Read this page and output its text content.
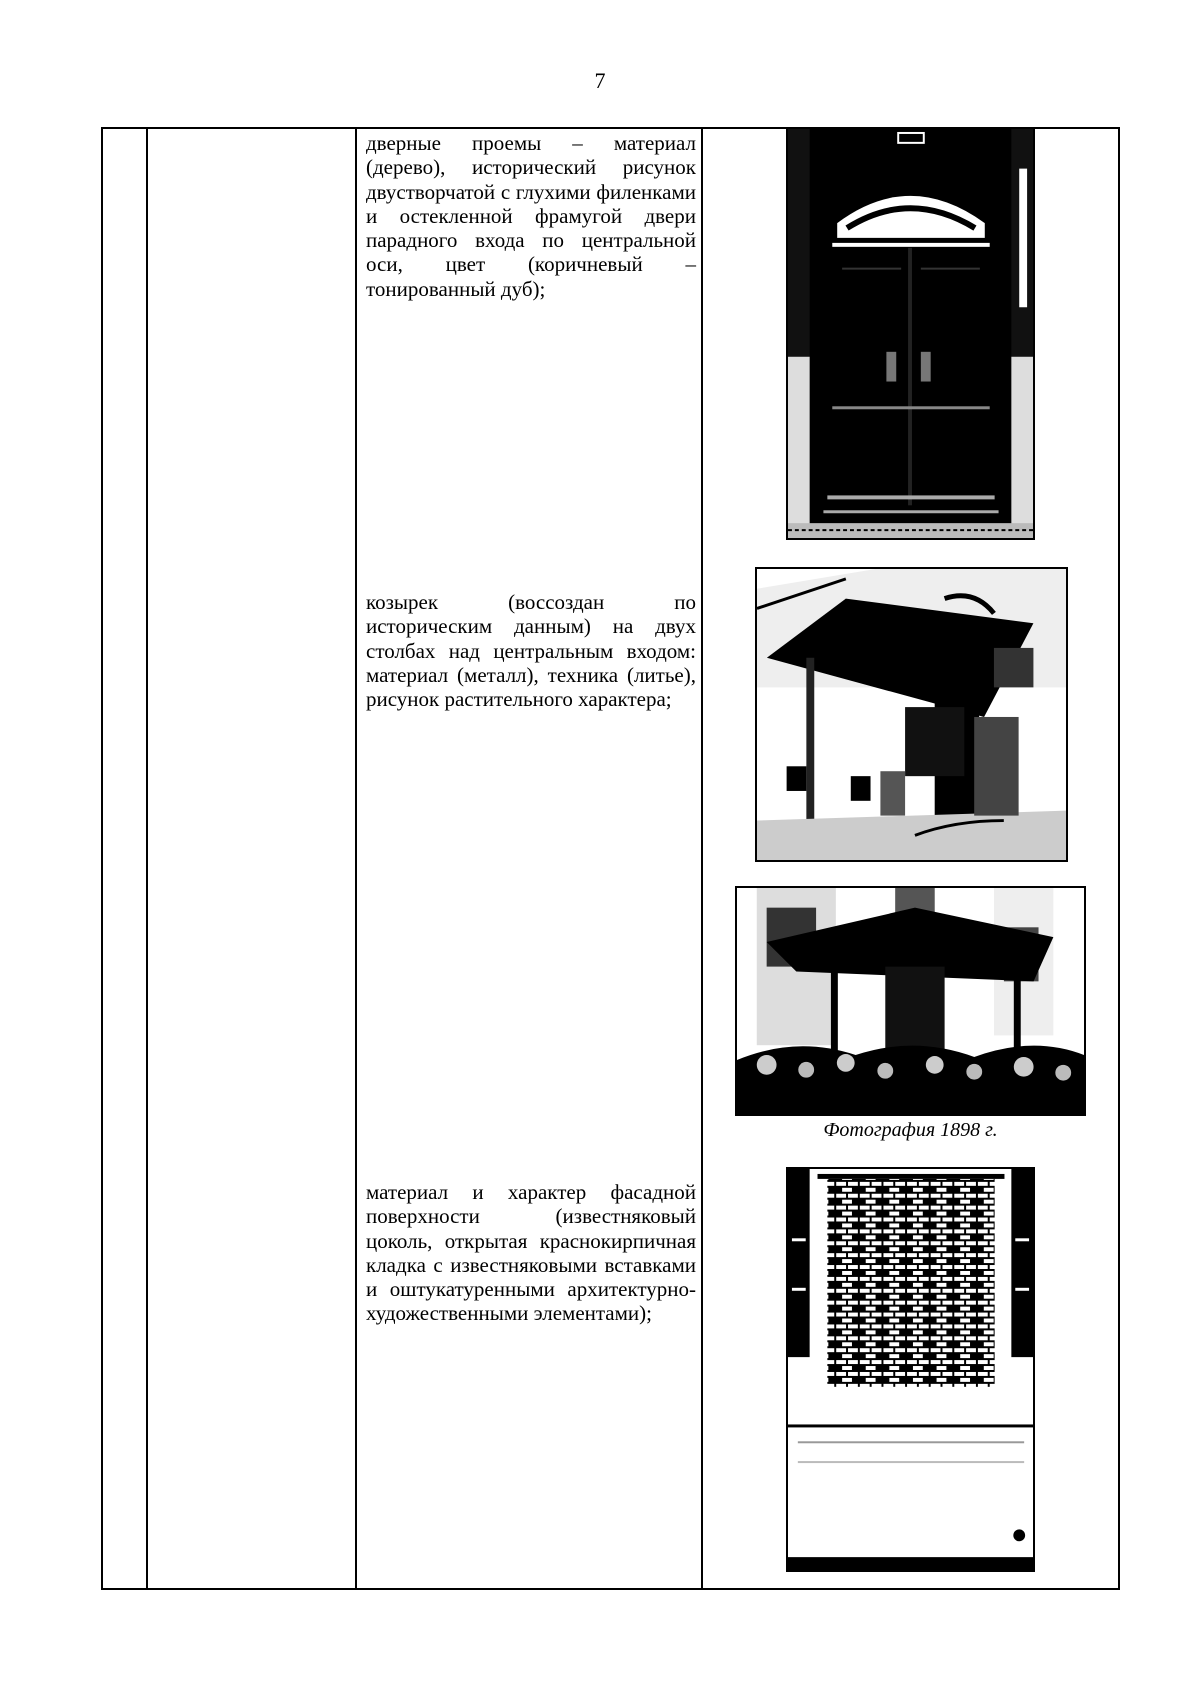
7
дверные проемы – материал (дерево), исторический рисунок двустворчатой с глухими филенками и остекленной фрамугой двери парадного входа по центральной оси, цвет (коричневый – тонированный дуб);
козырек (воссоздан по историческим данным) на двух столбах над центральным входом: материал (металл), техника (литье), рисунок растительного характера;
материал и характер фасадной поверхности (известняковый цоколь, открытая краснокирпичная кладка с известняковыми вставками и оштукатуренными архитектурно-художественными элементами);
Фотография 1898 г.
